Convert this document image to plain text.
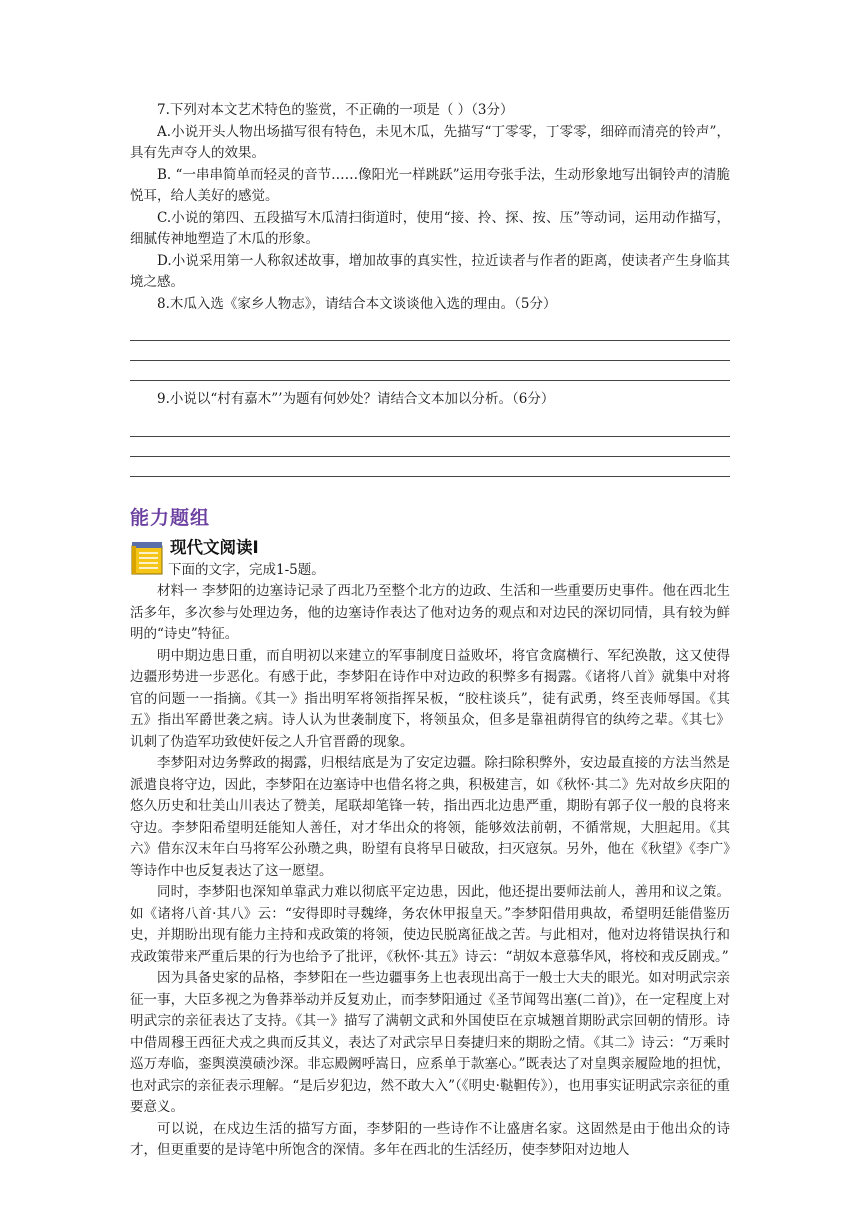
7.下列对本文艺术特色的鉴赏，不正确的一项是（ ）（3分）

A.小说开头人物出场描写很有特色，未见木瓜，先描写“丁零零，丁零零，细碎而清亮的铃声”，具有先声夺人的效果。

B. “一串串简单而轻灵的音节……像阳光一样跳跃”运用夸张手法，生动形象地写出铜铃声的清脆悦耳，给人美好的感觉。

C.小说的第四、五段描写木瓜清扫街道时，使用“接、拎、探、按、压”等动词，运用动作描写，细腻传神地塑造了木瓜的形象。

D.小说采用第一人称叙述故事，增加故事的真实性，拉近读者与作者的距离，使读者产生身临其境之感。

8.木瓜入选《家乡人物志》，请结合本文谈谈他入选的理由。（5分）

9.小说以“村有嘉木”’为题有何妙处？请结合文本加以分析。（6分）

能力题组
现代文阅读Ⅰ

下面的文字，完成1-5题。

材料一 李梦阳的边塞诗记录了西北乃至整个北方的边政、生活和一些重要历史事件。他在西北生活多年，多次参与处理边务，他的边塞诗作表达了他对边务的观点和对边民的深切同情，具有较为鲜明的“诗史”特征。

明中期边患日重，而自明初以来建立的军事制度日益败坏，将官贪腐横行、军纪涣散，这又使得边疆形势进一步恶化。有感于此，李梦阳在诗作中对边政的积弊多有揭露。《诸将八首》就集中对将官的问题一一指摘。《其一》指出明军将领指挥呆板，“胶柱谈兵”，徒有武勇，终至丧师辱国。《其五》指出军爵世袭之病。诗人认为世袭制度下，将领虽众，但多是靠祖荫得官的纨绔之辈。《其七》讥刺了伪造军功致使奸佞之人升官晋爵的现象。

李梦阳对边务弊政的揭露，归根结底是为了安定边疆。除扫除积弊外，安边最直接的方法当然是派遣良将守边，因此，李梦阳在边塞诗中也借名将之典，积极建言，如《秋怀·其二》先对故乡庆阳的悠久历史和壮美山川表达了赞美，尾联却笔锋一转，指出西北边患严重，期盼有郭子仪一般的良将来守边。李梦阳希望明廷能知人善任，对才华出众的将领，能够效法前朝，不循常规，大胆起用。《其六》借东汉末年白马将军公孙瓒之典，盼望有良将早日破敌，扫灭寇氛。另外，他在《秋望》《李广》等诗作中也反复表达了这一愿望。

同时，李梦阳也深知单靠武力难以彻底平定边患，因此，他还提出要师法前人，善用和议之策。如《诸将八首·其八》云：“安得即时寻魏绛，务农休甲报皇天。”李梦阳借用典故，希望明廷能借鉴历史，并期盼出现有能力主持和戎政策的将领，使边民脱离征战之苦。与此相对，他对边将错误执行和戎政策带来严重后果的行为也给予了批评，《秋怀·其五》诗云：“胡奴本意慕华风，将校和戎反剧戎。”

因为具备史家的品格，李梦阳在一些边疆事务上也表现出高于一般士大夫的眼光。如对明武宗亲征一事，大臣多视之为鲁莽举动并反复劝止，而李梦阳通过《圣节闻驾出塞(二首)》，在一定程度上对明武宗的亲征表达了支持。《其一》描写了满朝文武和外国使臣在京城翘首期盼武宗回朝的情形。诗中借周穆王西征犬戎之典而反其义，表达了对武宗早日奏捷归来的期盼之情。《其二》诗云：“万乘时巡万寿临，銮舆漠漠碛沙深。非忘殿阙呼嵩日，应系单于款塞心。”既表达了对皇舆亲履险地的担忧，也对武宗的亲征表示理解。“是后岁犯边，然不敢大入”（《明史·鞑靼传》），也用事实证明武宗亲征的重要意义。

可以说，在戍边生活的描写方面，李梦阳的一些诗作不让盛唐名家。这固然是由于他出众的诗才，但更重要的是诗笔中所饱含的深情。多年在西北的生活经历，使李梦阳对边地人
